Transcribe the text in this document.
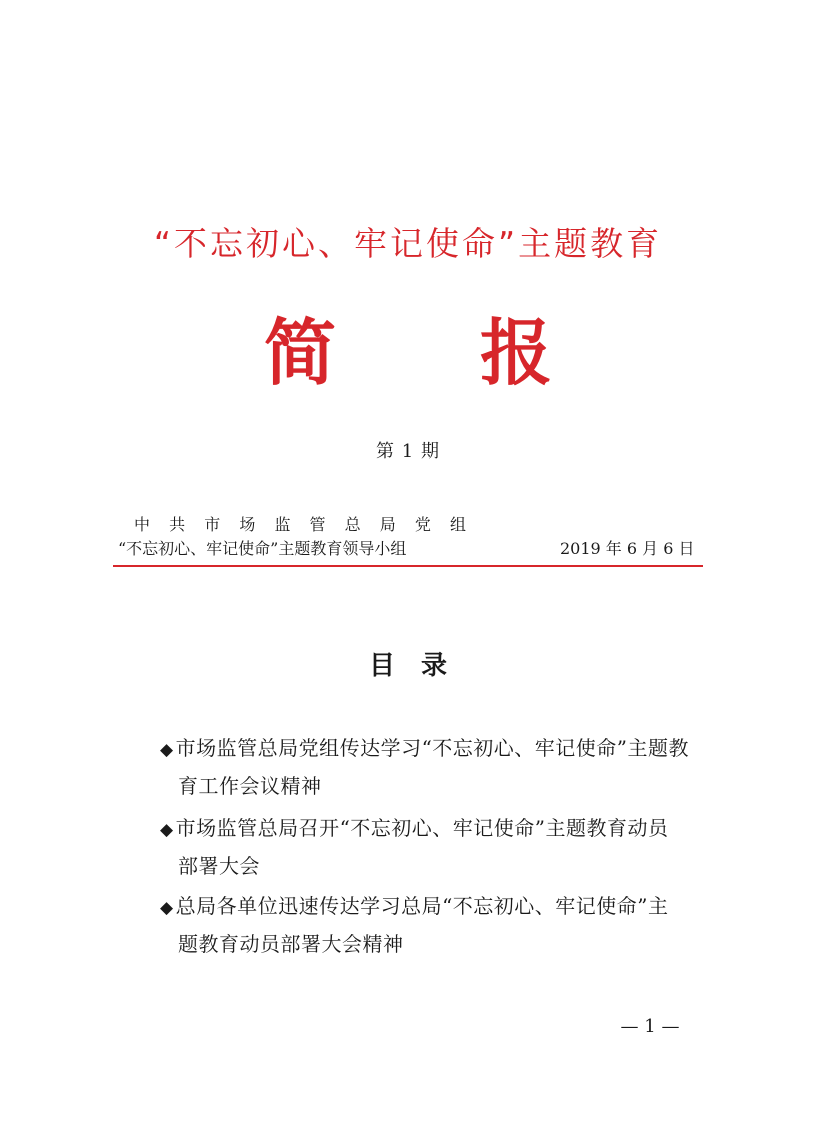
“不忘初心、牢记使命”主题教育
简　　报
第 1 期
中共市场监管总局党组
“不忘初心、牢记使命”主题教育领导小组	2019 年 6 月 6 日
目　录
◆ 市场监管总局党组传达学习“不忘初心、牢记使命”主题教
育工作会议精神
◆ 市场监管总局召开“不忘初心、牢记使命”主题教育动员
部署大会
◆ 总局各单位迅速传达学习总局“不忘初心、牢记使命”主
题教育动员部署大会精神
— 1 —
